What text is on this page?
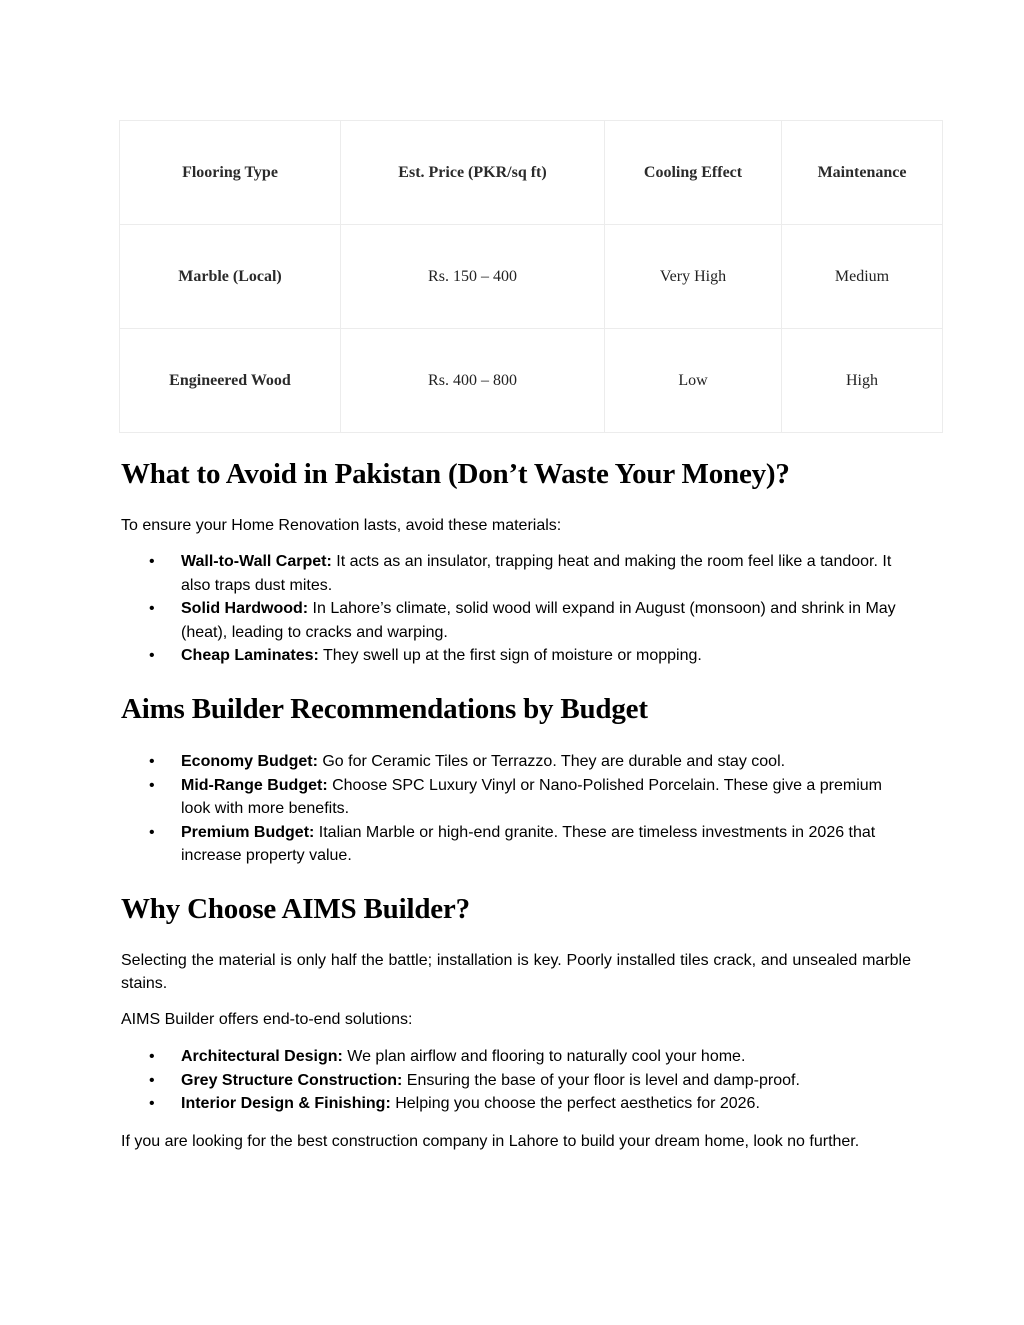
Flooring Type	Est. Price (PKR/sq ft)	Cooling Effect	Maintenance
Marble (Local)	Rs. 150 – 400	Very High	Medium
Engineered Wood	Rs. 400 – 800	Low	High
What to Avoid in Pakistan (Don’t Waste Your Money)?

To ensure your Home Renovation lasts, avoid these materials:

• Wall-to-Wall Carpet: It acts as an insulator, trapping heat and making the room feel like a tandoor. It also traps dust mites.
• Solid Hardwood: In Lahore’s climate, solid wood will expand in August (monsoon) and shrink in May (heat), leading to cracks and warping.
• Cheap Laminates: They swell up at the first sign of moisture or mopping.
Aims Builder Recommendations by Budget
• Economy Budget: Go for Ceramic Tiles or Terrazzo. They are durable and stay cool.
• Mid-Range Budget: Choose SPC Luxury Vinyl or Nano-Polished Porcelain. These give a premium look with more benefits.
• Premium Budget: Italian Marble or high-end granite. These are timeless investments in 2026 that increase property value.
Why Choose AIMS Builder?

Selecting the material is only half the battle; installation is key. Poorly installed tiles crack, and unsealed marble stains.

AIMS Builder offers end-to-end solutions:

• Architectural Design: We plan airflow and flooring to naturally cool your home.
• Grey Structure Construction: Ensuring the base of your floor is level and damp-proof.
• Interior Design & Finishing: Helping you choose the perfect aesthetics for 2026.

If you are looking for the best construction company in Lahore to build your dream home, look no further.
